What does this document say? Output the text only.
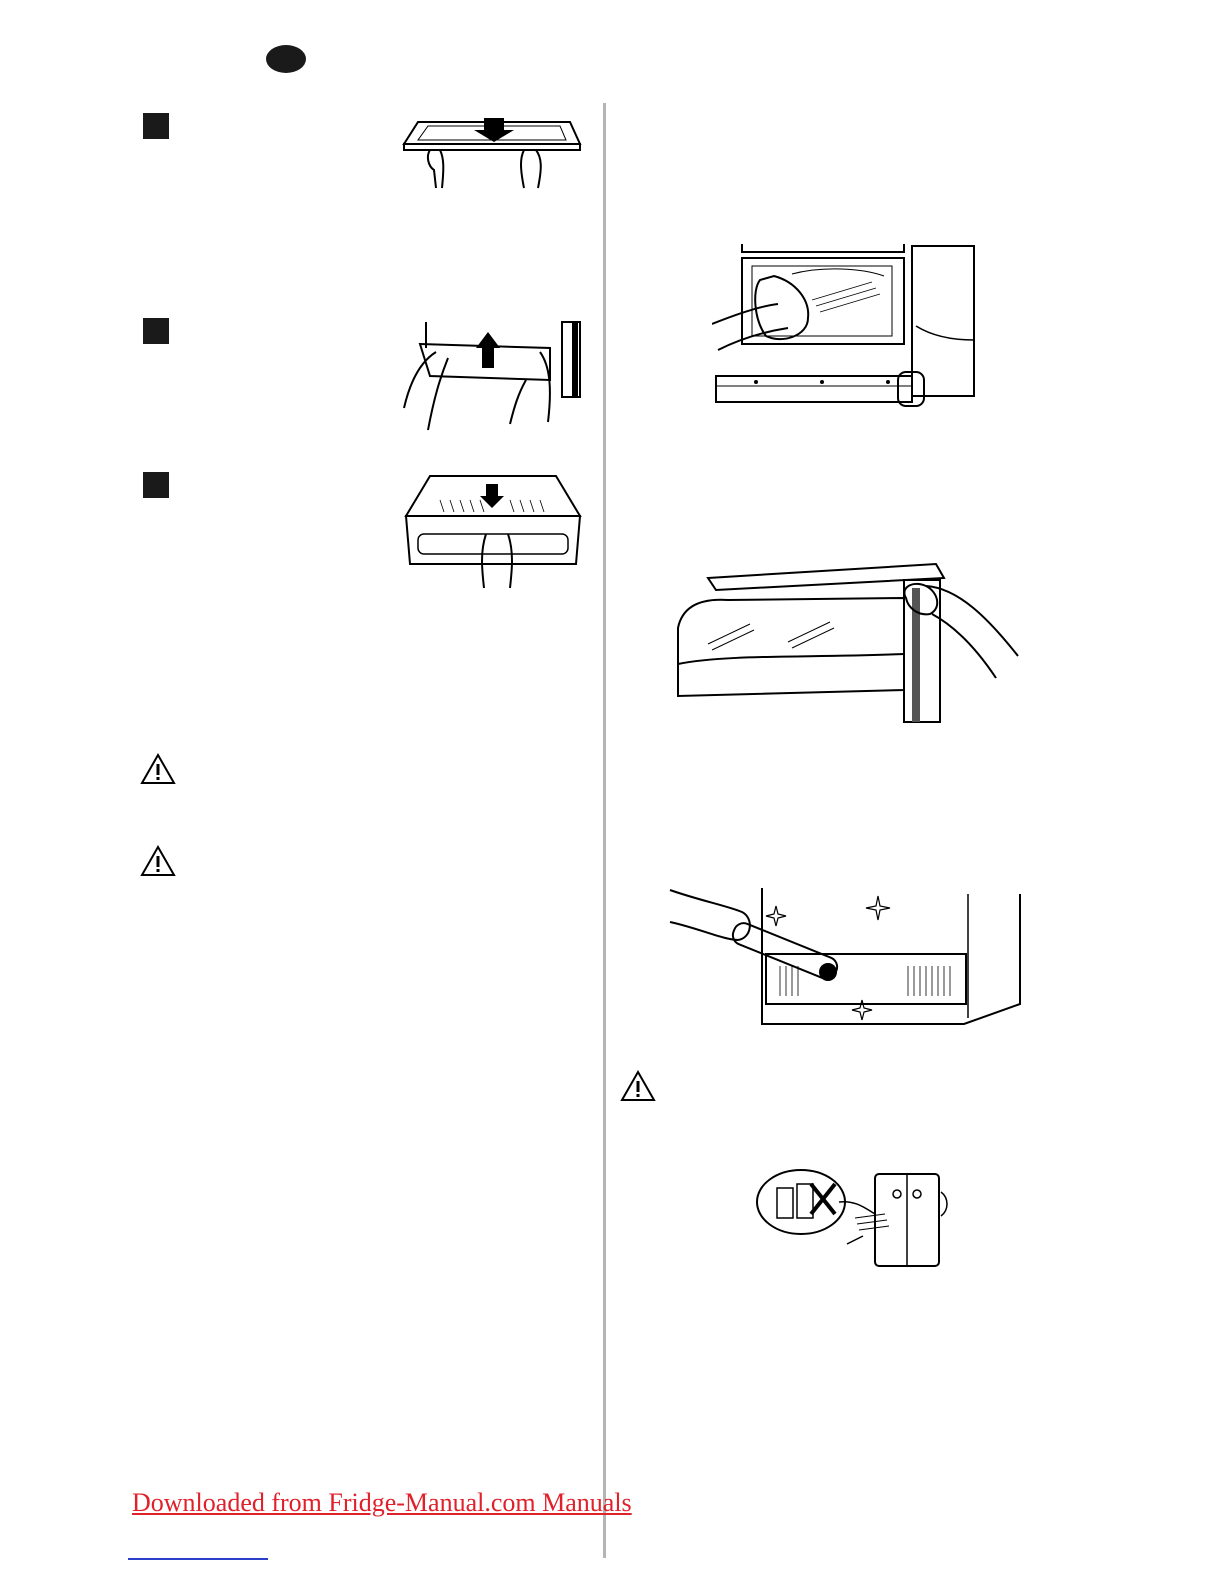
Downloaded from Fridge-Manual.com Manuals
